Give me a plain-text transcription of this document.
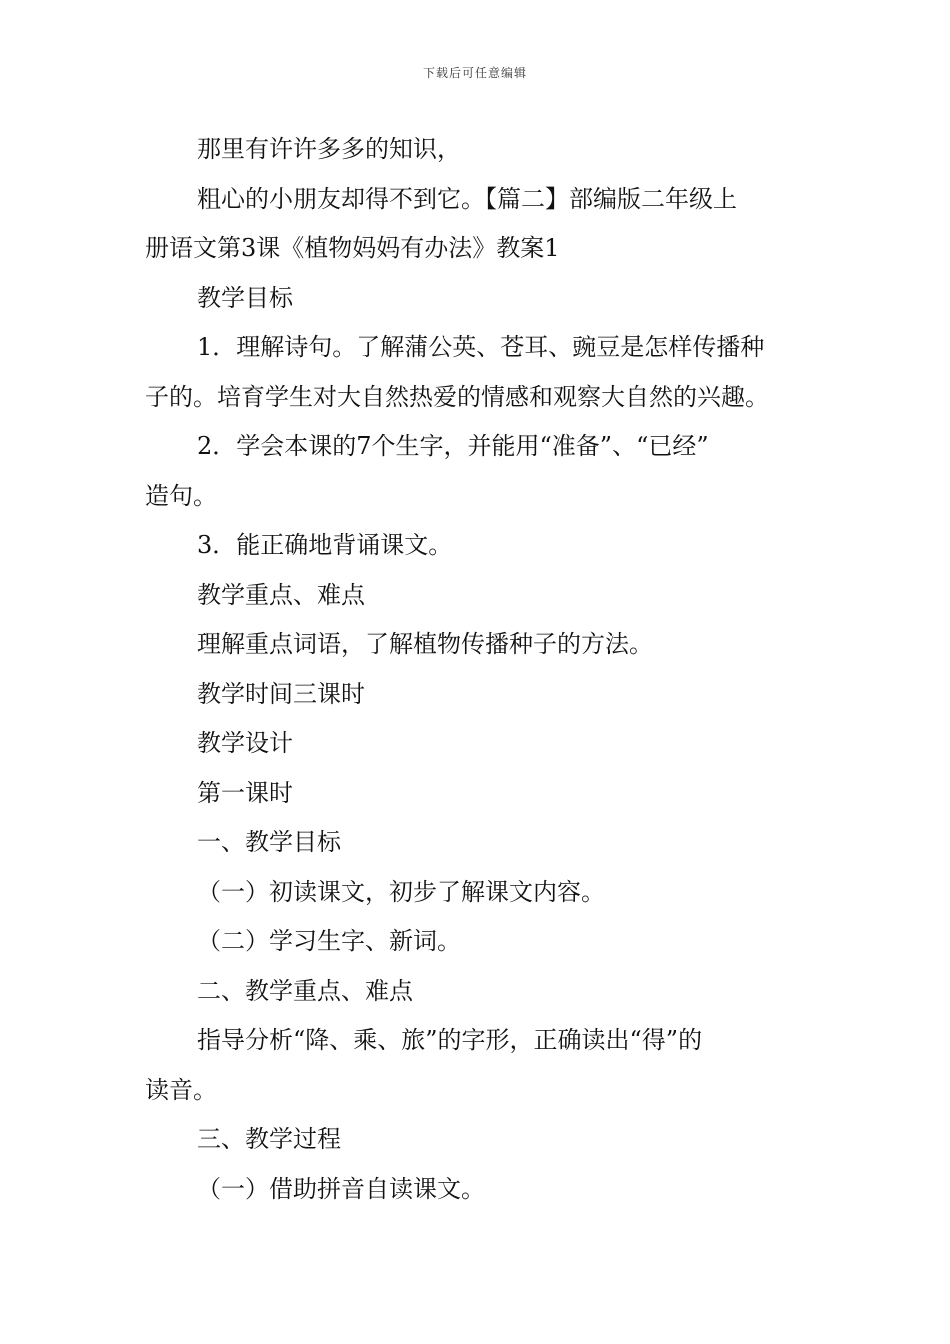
下载后可任意编辑

那里有许许多多的知识，

粗心的小朋友却得不到它。【篇二】部编版二年级上

册语文第3课《植物妈妈有办法》教案1

教学目标

1．理解诗句。了解蒲公英、苍耳、豌豆是怎样传播种

子的。培育学生对大自然热爱的情感和观察大自然的兴趣。

2．学会本课的7个生字，并能用“准备”、“已经”

造句。

3．能正确地背诵课文。

教学重点、难点

理解重点词语，了解植物传播种子的方法。

教学时间三课时

教学设计

第一课时

一、教学目标

（一）初读课文，初步了解课文内容。

（二）学习生字、新词。

二、教学重点、难点

指导分析“降、乘、旅”的字形，正确读出“得”的

读音。

三、教学过程

（一）借助拼音自读课文。
